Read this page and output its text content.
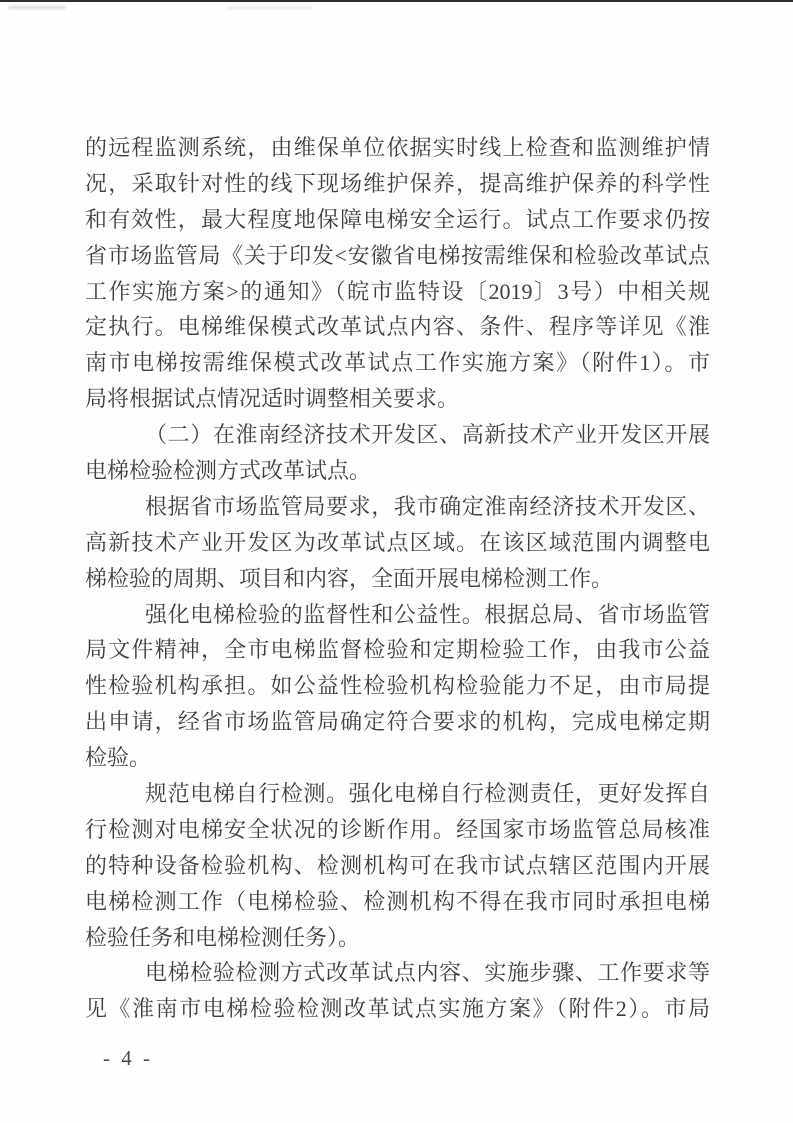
的远程监测系统，由维保单位依据实时线上检查和监测维护情
况，采取针对性的线下现场维护保养，提高维护保养的科学性
和有效性，最大程度地保障电梯安全运行。试点工作要求仍按
省市场监管局《关于印发<安徽省电梯按需维保和检验改革试点
工作实施方案>的通知》（皖市监特设〔2019〕3号）中相关规
定执行。电梯维保模式改革试点内容、条件、程序等详见《淮
南市电梯按需维保模式改革试点工作实施方案》（附件1）。市
局将根据试点情况适时调整相关要求。
（二）在淮南经济技术开发区、高新技术产业开发区开展
电梯检验检测方式改革试点。
根据省市场监管局要求，我市确定淮南经济技术开发区、
高新技术产业开发区为改革试点区域。在该区域范围内调整电
梯检验的周期、项目和内容，全面开展电梯检测工作。
强化电梯检验的监督性和公益性。根据总局、省市场监管
局文件精神，全市电梯监督检验和定期检验工作，由我市公益
性检验机构承担。如公益性检验机构检验能力不足，由市局提
出申请，经省市场监管局确定符合要求的机构，完成电梯定期
检验。
规范电梯自行检测。强化电梯自行检测责任，更好发挥自
行检测对电梯安全状况的诊断作用。经国家市场监管总局核准
的特种设备检验机构、检测机构可在我市试点辖区范围内开展
电梯检测工作（电梯检验、检测机构不得在我市同时承担电梯
检验任务和电梯检测任务）。
电梯检验检测方式改革试点内容、实施步骤、工作要求等
见《淮南市电梯检验检测改革试点实施方案》（附件2）。市局
- 4 -
